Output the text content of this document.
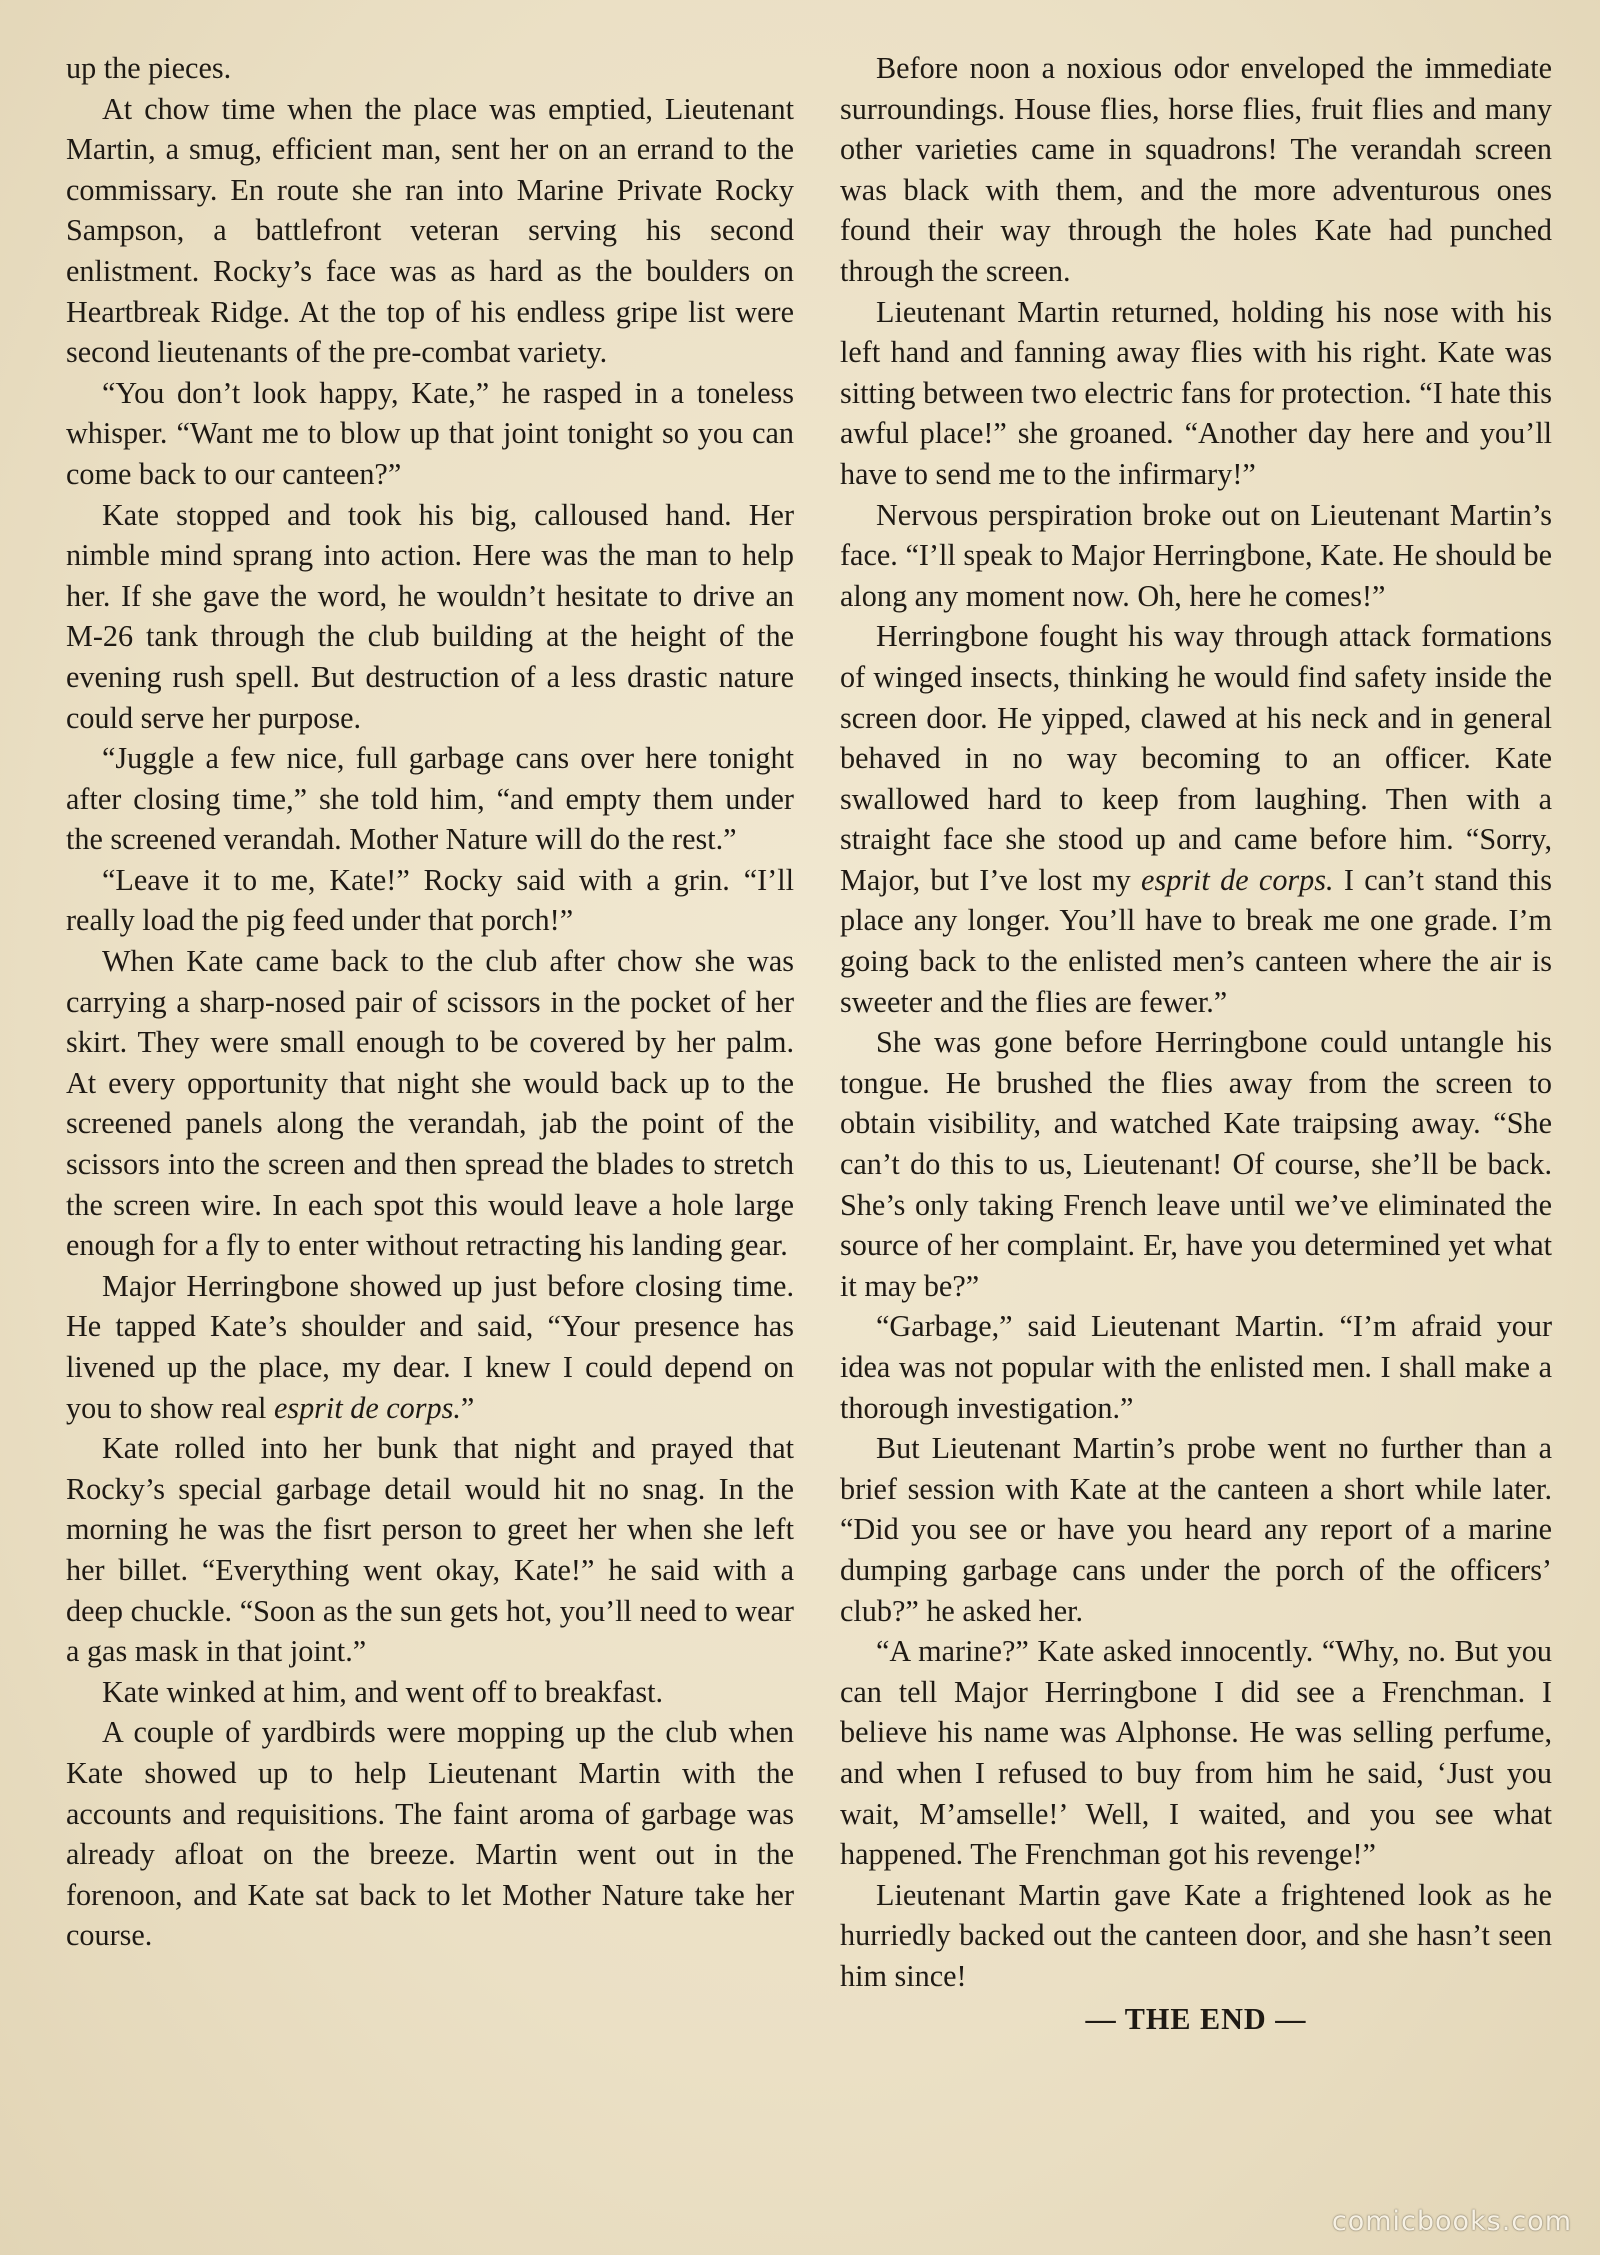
up the pieces.

At chow time when the place was emptied, Lieutenant Martin, a smug, efficient man, sent her on an errand to the commissary. En route she ran into Marine Private Rocky Sampson, a battlefront veteran serving his second enlistment. Rocky’s face was as hard as the boulders on Heartbreak Ridge. At the top of his endless gripe list were second lieutenants of the pre-combat variety.

“You don’t look happy, Kate,” he rasped in a toneless whisper. “Want me to blow up that joint tonight so you can come back to our canteen?”

Kate stopped and took his big, calloused hand. Her nimble mind sprang into action. Here was the man to help her. If she gave the word, he wouldn’t hesitate to drive an M-26 tank through the club building at the height of the evening rush spell. But destruction of a less drastic nature could serve her purpose.

“Juggle a few nice, full garbage cans over here tonight after closing time,” she told him, “and empty them under the screened verandah. Mother Nature will do the rest.”

“Leave it to me, Kate!” Rocky said with a grin. “I’ll really load the pig feed under that porch!”

When Kate came back to the club after chow she was carrying a sharp-nosed pair of scissors in the pocket of her skirt. They were small enough to be covered by her palm. At every opportunity that night she would back up to the screened panels along the verandah, jab the point of the scissors into the screen and then spread the blades to stretch the screen wire. In each spot this would leave a hole large enough for a fly to enter without retracting his landing gear.

Major Herringbone showed up just before closing time. He tapped Kate’s shoulder and said, “Your presence has livened up the place, my dear. I knew I could depend on you to show real esprit de corps.”

Kate rolled into her bunk that night and prayed that Rocky’s special garbage detail would hit no snag. In the morning he was the fisrt person to greet her when she left her billet. “Everything went okay, Kate!” he said with a deep chuckle. “Soon as the sun gets hot, you’ll need to wear a gas mask in that joint.”

Kate winked at him, and went off to breakfast.

A couple of yardbirds were mopping up the club when Kate showed up to help Lieutenant Martin with the accounts and requisitions. The faint aroma of garbage was already afloat on the breeze. Martin went out in the forenoon, and Kate sat back to let Mother Nature take her course.

Before noon a noxious odor enveloped the immediate surroundings. House flies, horse flies, fruit flies and many other varieties came in squadrons! The verandah screen was black with them, and the more adventurous ones found their way through the holes Kate had punched through the screen.

Lieutenant Martin returned, holding his nose with his left hand and fanning away flies with his right. Kate was sitting between two electric fans for protection. “I hate this awful place!” she groaned. “Another day here and you’ll have to send me to the infirmary!”

Nervous perspiration broke out on Lieutenant Martin’s face. “I’ll speak to Major Herringbone, Kate. He should be along any moment now. Oh, here he comes!”

Herringbone fought his way through attack formations of winged insects, thinking he would find safety inside the screen door. He yipped, clawed at his neck and in general behaved in no way becoming to an officer. Kate swallowed hard to keep from laughing. Then with a straight face she stood up and came before him. “Sorry, Major, but I’ve lost my esprit de corps. I can’t stand this place any longer. You’ll have to break me one grade. I’m going back to the enlisted men’s canteen where the air is sweeter and the flies are fewer.”

She was gone before Herringbone could untangle his tongue. He brushed the flies away from the screen to obtain visibility, and watched Kate traipsing away. “She can’t do this to us, Lieutenant! Of course, she’ll be back. She’s only taking French leave until we’ve eliminated the source of her complaint. Er, have you determined yet what it may be?”

“Garbage,” said Lieutenant Martin. “I’m afraid your idea was not popular with the enlisted men. I shall make a thorough investigation.”

But Lieutenant Martin’s probe went no further than a brief session with Kate at the canteen a short while later. “Did you see or have you heard any report of a marine dumping garbage cans under the porch of the officers’ club?” he asked her.

“A marine?” Kate asked innocently. “Why, no. But you can tell Major Herringbone I did see a Frenchman. I believe his name was Alphonse. He was selling perfume, and when I refused to buy from him he said, ‘Just you wait, M’amselle!’ Well, I waited, and you see what happened. The Frenchman got his revenge!”

Lieutenant Martin gave Kate a frightened look as he hurriedly backed out the canteen door, and she hasn’t seen him since!

— THE END —

comicbooks.com
